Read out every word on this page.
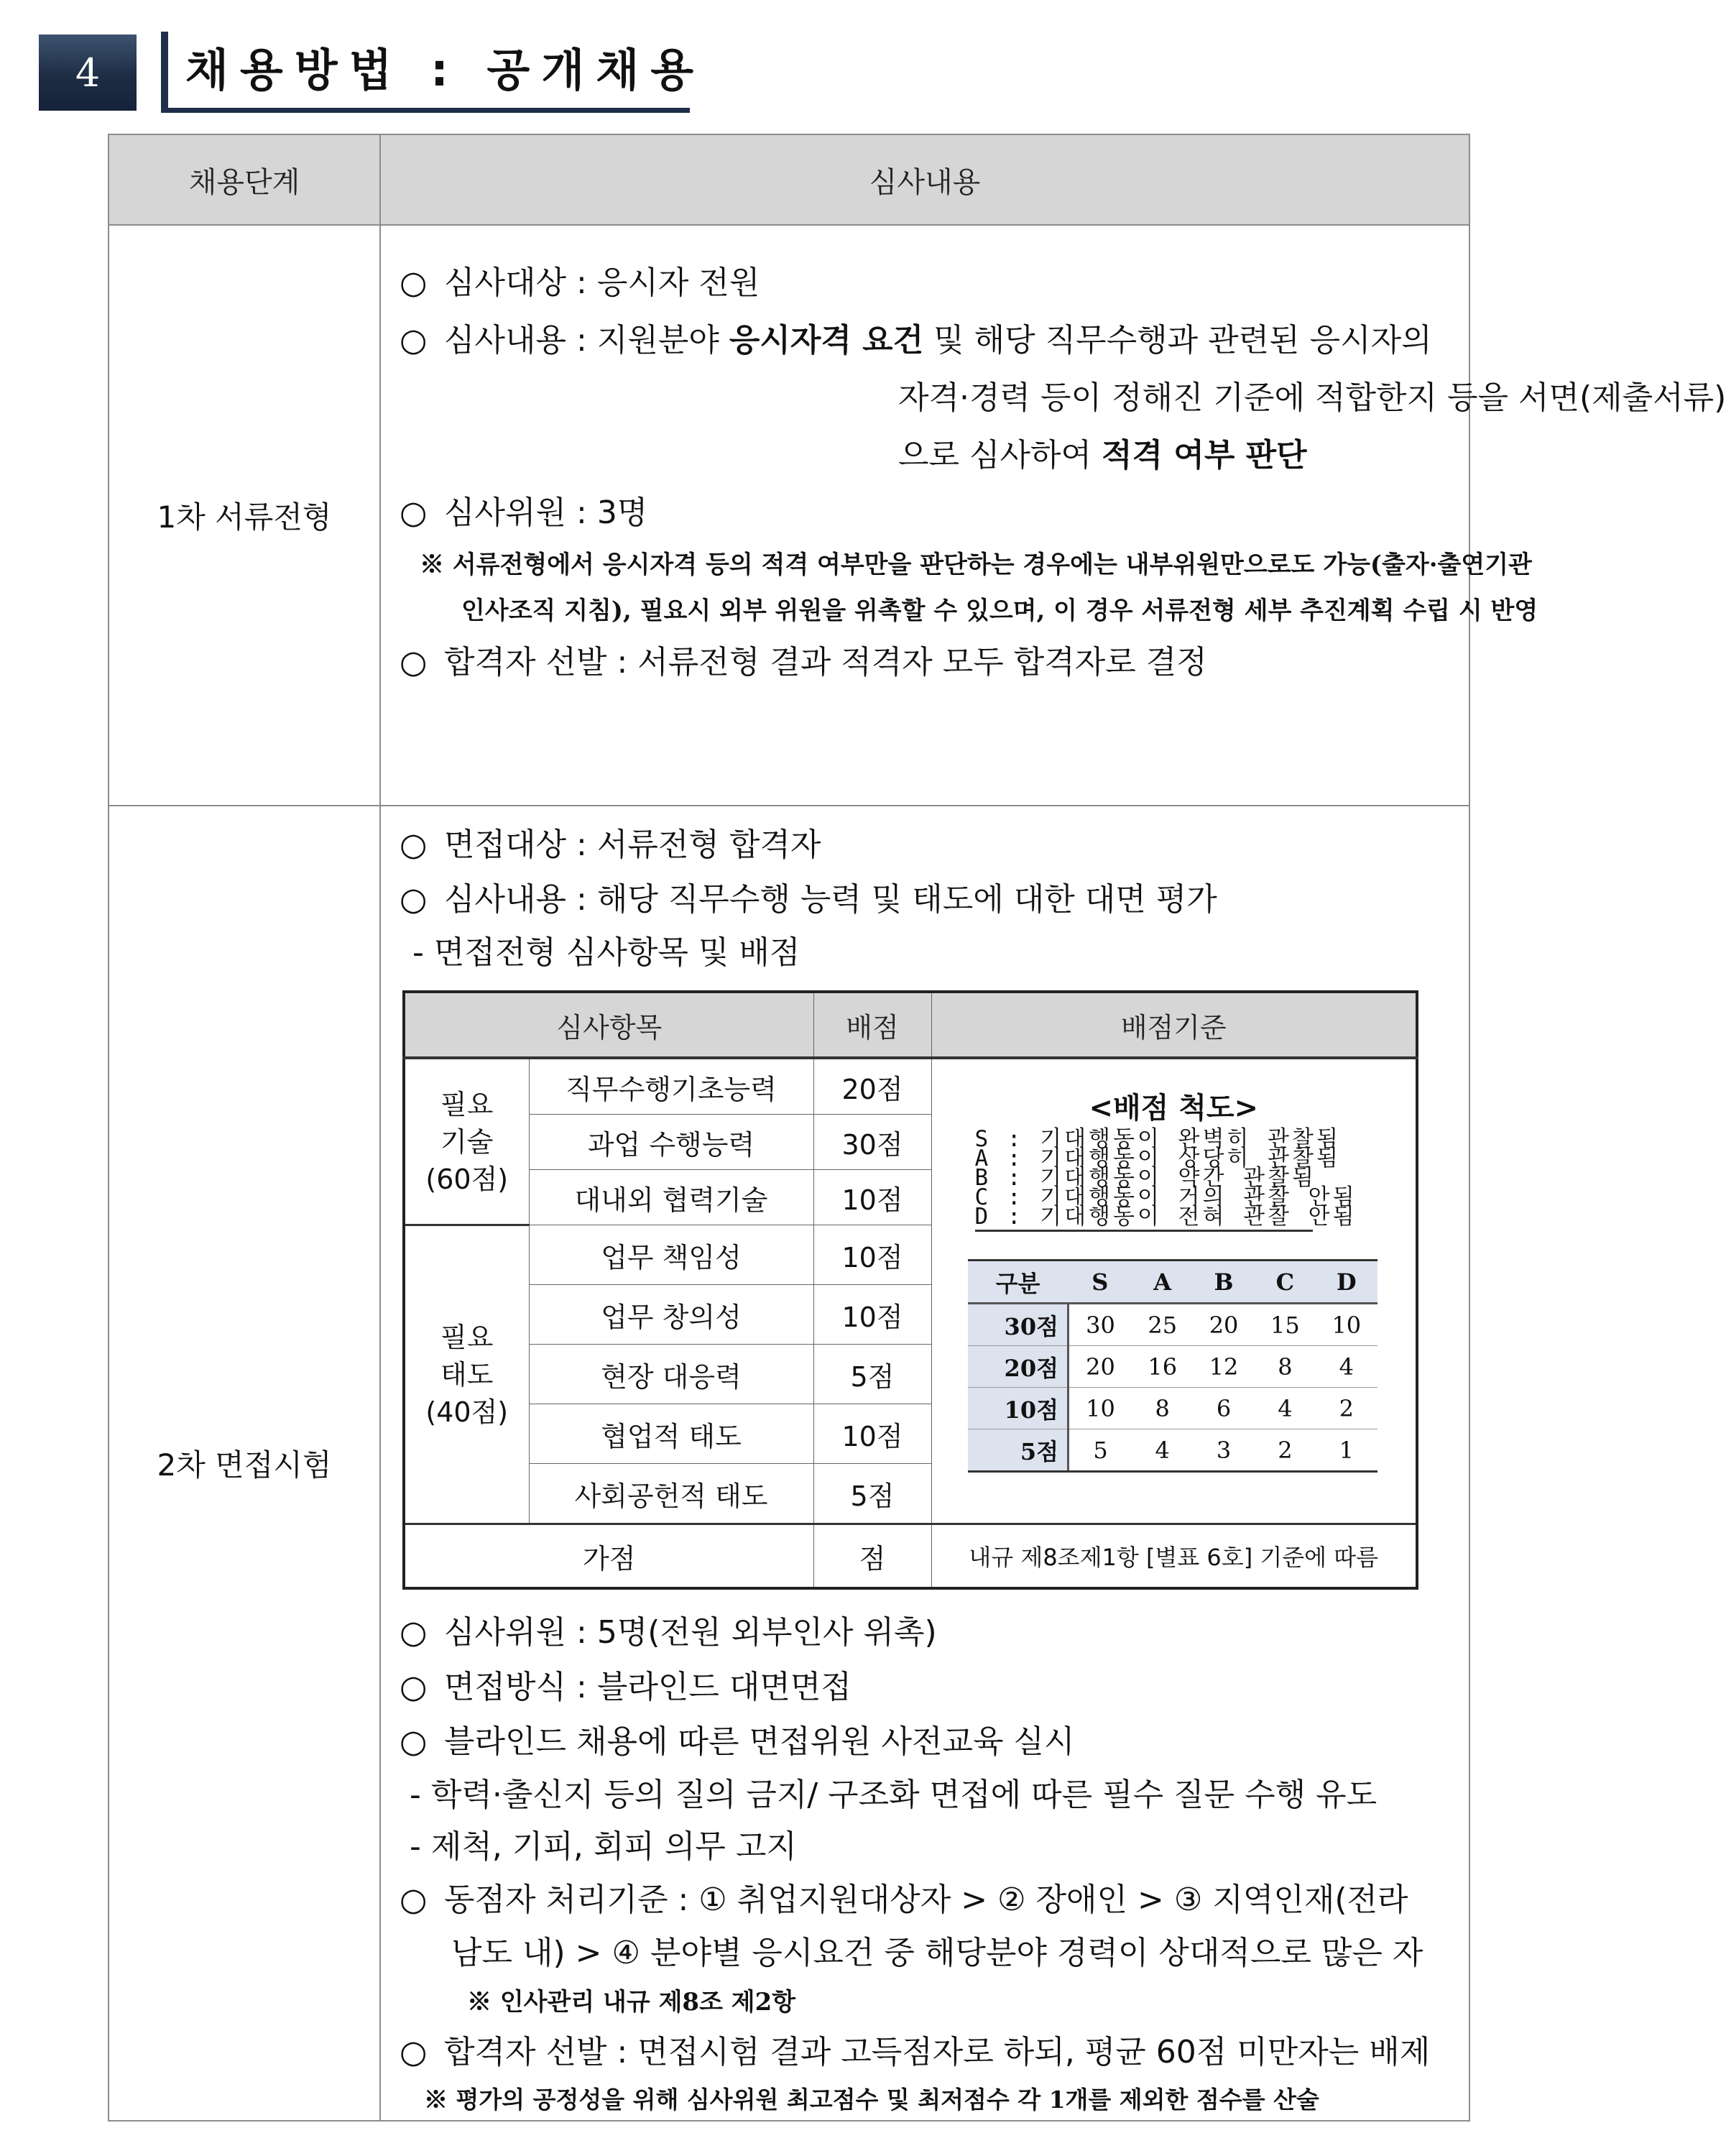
4 채용방법 : 공개채용
채용단계	심사내용
1차 서류전형	
○ 심사대상 : 응시자 전원
○ 심사내용 : 지원분야 응시자격 요건 및 해당 직무수행과 관련된 응시자의
자격·경력 등이 정해진 기준에 적합한지 등을 서면(제출서류)
으로 심사하여 적격 여부 판단
○ 심사위원 : 3명
※ 서류전형에서 응시자격 등의 적격 여부만을 판단하는 경우에는 내부위원만으로도 가능(출자·출연기관
인사조직 지침), 필요시 외부 위원을 위촉할 수 있으며, 이 경우 서류전형 세부 추진계획 수립 시 반영
○ 합격자 선발 : 서류전형 결과 적격자 모두 합격자로 결정

2차 면접시험	
○ 면접대상 : 서류전형 합격자
○ 심사내용 : 해당 직무수행 능력 및 태도에 대한 대면 평가
- 면접전형 심사항목 및 배점
심사항목	배점	배점기준

필요
기술
(60점)
	직무수행기초능력	20점	
<배점 척도>
S : 기대행동이 완벽히 관찰됨
A : 기대행동이 상당히 관찰됨
B : 기대행동이 약간 관찰됨
C : 기대행동이 거의 관찰 안됨
D : 기대행동이 전혀 관찰 안됨
구분	S	A	B	C	D
30점	30	25	20	15	10
20점	20	16	12	8	4
10점	10	8	6	4	2
5점	5	4	3	2	1

과업 수행능력	30점
대내외 협력기술	10점

필요
태도
(40점)
	업무 책임성	10점
업무 창의성	10점
현장 대응력	5점
협업적 태도	10점
사회공헌적 태도	5점
가점	점	내규 제8조제1항 [별표 6호] 기준에 따름
○ 심사위원 : 5명(전원 외부인사 위촉)
○ 면접방식 : 블라인드 대면면접
○ 블라인드 채용에 따른 면접위원 사전교육 실시
- 학력·출신지 등의 질의 금지/ 구조화 면접에 따른 필수 질문 수행 유도
- 제척, 기피, 회피 의무 고지
○ 동점자 처리기준 : ① 취업지원대상자 > ② 장애인 > ③ 지역인재(전라
남도 내) > ④ 분야별 응시요건 중 해당분야 경력이 상대적으로 많은 자
※ 인사관리 내규 제8조 제2항
○ 합격자 선발 : 면접시험 결과 고득점자로 하되, 평균 60점 미만자는 배제
※ 평가의 공정성을 위해 심사위원 최고점수 및 최저점수 각 1개를 제외한 점수를 산술
